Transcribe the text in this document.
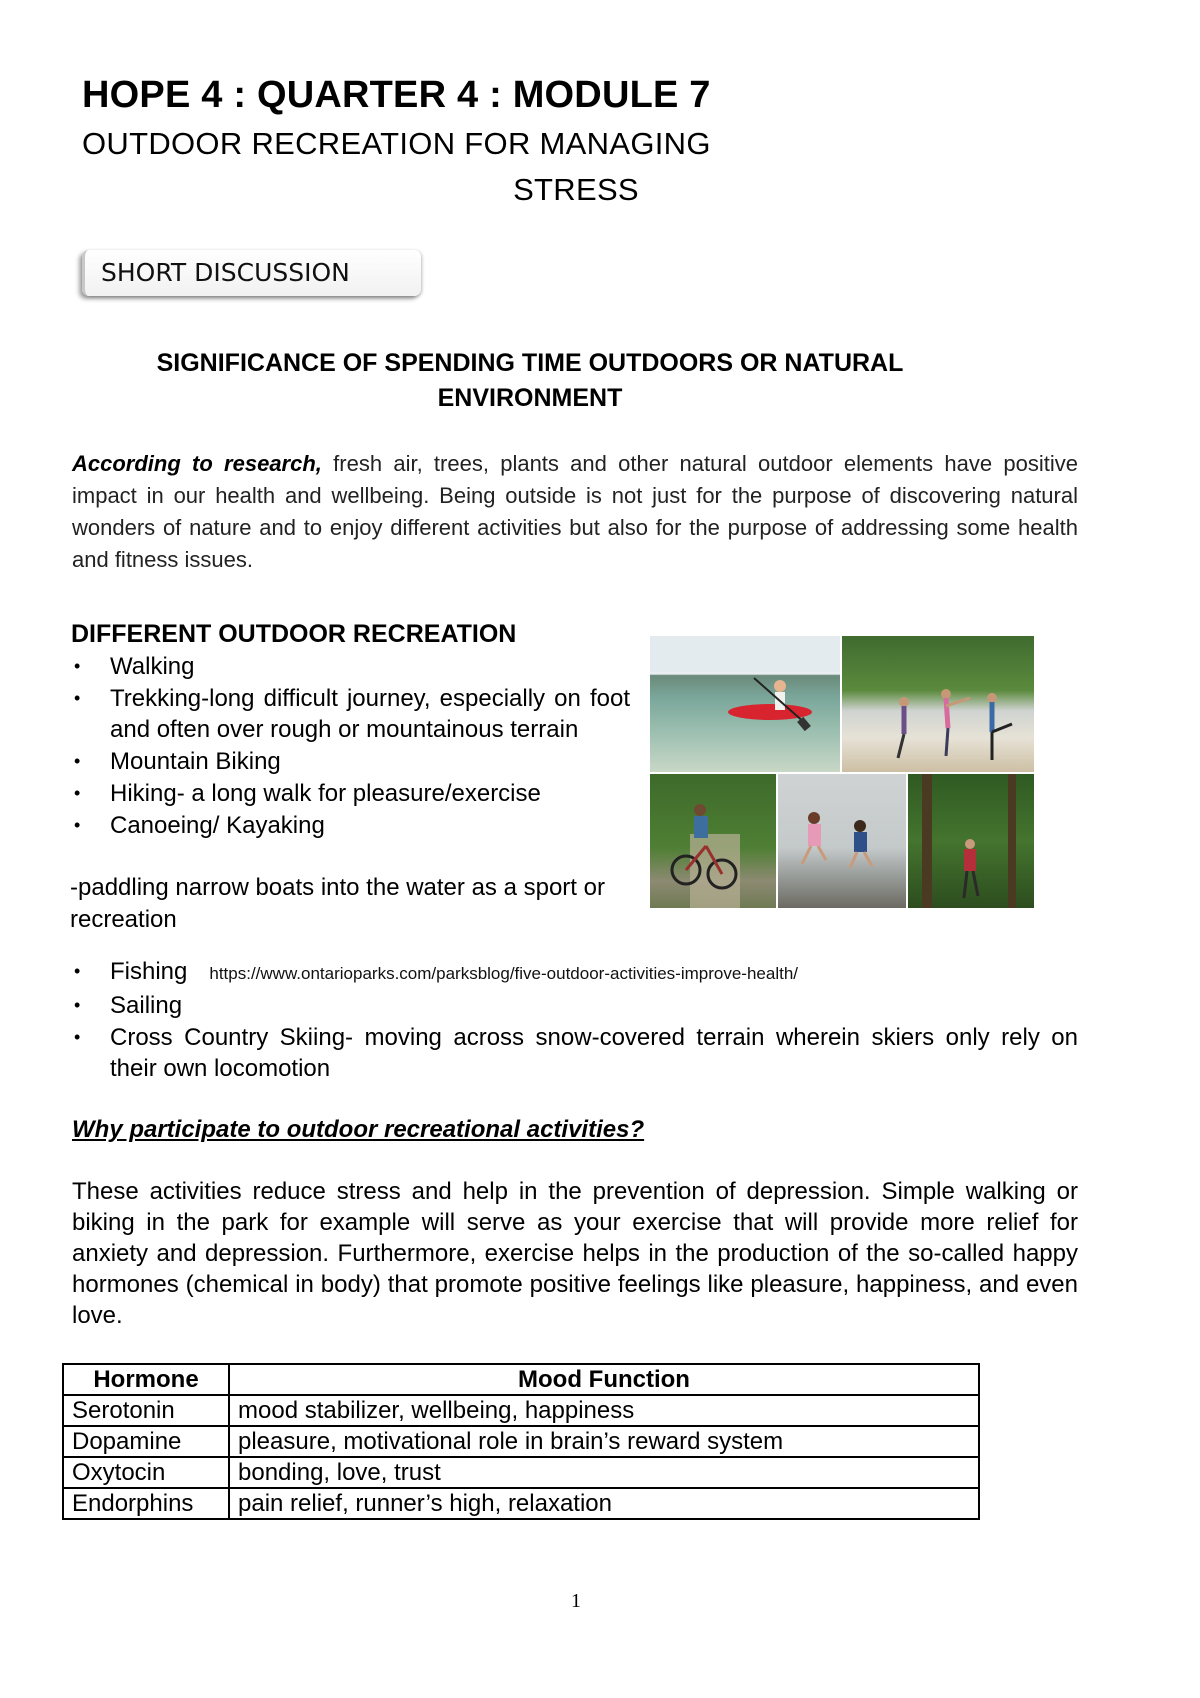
HOPE 4 : QUARTER 4 : MODULE 7
OUTDOOR RECREATION FOR MANAGING
STRESS
SHORT DISCUSSION
SIGNIFICANCE OF SPENDING TIME OUTDOORS OR NATURAL
ENVIRONMENT
According to research, fresh air, trees, plants and other natural outdoor elements have positive impact in our health and wellbeing. Being outside is not just for the purpose of discovering natural wonders of nature and to enjoy different activities but also for the purpose of addressing some health and fitness issues.
DIFFERENT OUTDOOR RECREATION
• Walking
• Trekking-long difficult journey, especially on foot and often over rough or mountainous terrain
• Mountain Biking
• Hiking- a long walk for pleasure/exercise
• Canoeing/ Kayaking
-paddling narrow boats into the water as a sport or recreation
• Fishing https://www.ontarioparks.com/parksblog/five-outdoor-activities-improve-health/
• Sailing
• Cross Country Skiing- moving across snow-covered terrain wherein skiers only rely on their own locomotion
Why participate to outdoor recreational activities?
These activities reduce stress and help in the prevention of depression. Simple walking or biking in the park for example will serve as your exercise that will provide more relief for anxiety and depression. Furthermore, exercise helps in the production of the so-called happy hormones (chemical in body) that promote positive feelings like pleasure, happiness, and even love.
Hormone	Mood Function
Serotonin	mood stabilizer, wellbeing, happiness
Dopamine	pleasure, motivational role in brain’s reward system
Oxytocin	bonding, love, trust
Endorphins	pain relief, runner’s high, relaxation
1
